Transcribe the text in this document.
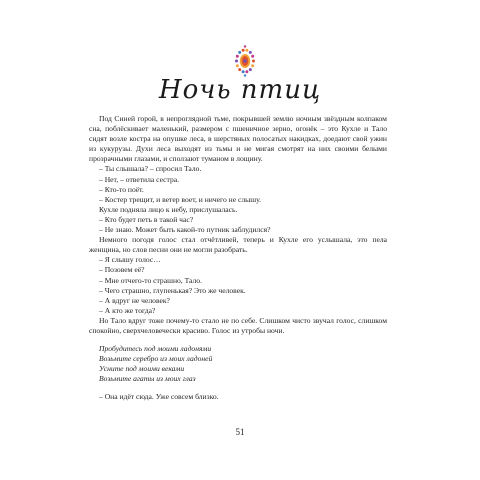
Ночь птиц

Под Синей горой, в непроглядной тьме, покрывшей землю ночным звёздным колпаком сна, поблёскивает маленький, размером с пшеничное зерно, огонёк – это Кухле и Тало сидят возле костра на опушке леса, в шерстяных полосатых накидках, доедают свой ужин из кукурузы. Духи леса выходят из тьмы и не мигая смотрят на них своими белыми прозрачными глазами, и сползают туманом в лощину.

– Ты слышала? – спросил Тало.

– Нет, – ответила сестра.

– Кто-то поёт.

– Костер трещит, и ветер воет, и ничего не слышу.

Кухле подняла лицо к небу, прислушалась.

– Кто будет петь в такой час?

– Не знаю. Может быть какой-то путник заблудился?

Немного погодя голос стал отчётливей, теперь и Кухле его услышала, это пела женщина, но слов песни они не могли разобрать.

– Я слышу голос…

– Позовем её?

– Мне отчего-то страшно, Тало.

– Чего страшно, глупенькая? Это же человек.

– А вдруг не человек?

– А кто же тогда?

Но Тало вдруг тоже почему-то стало не по себе. Слишком чисто звучал голос, слишком спокойно, сверхчеловечески красиво. Голос из утробы ночи.

Пробудитесь под моими ладонями

Возьмите серебро из моих ладоней

Усните под моими веками

Возьмите агаты из моих глаз

– Она идёт сюда. Уже совсем близко.

51
